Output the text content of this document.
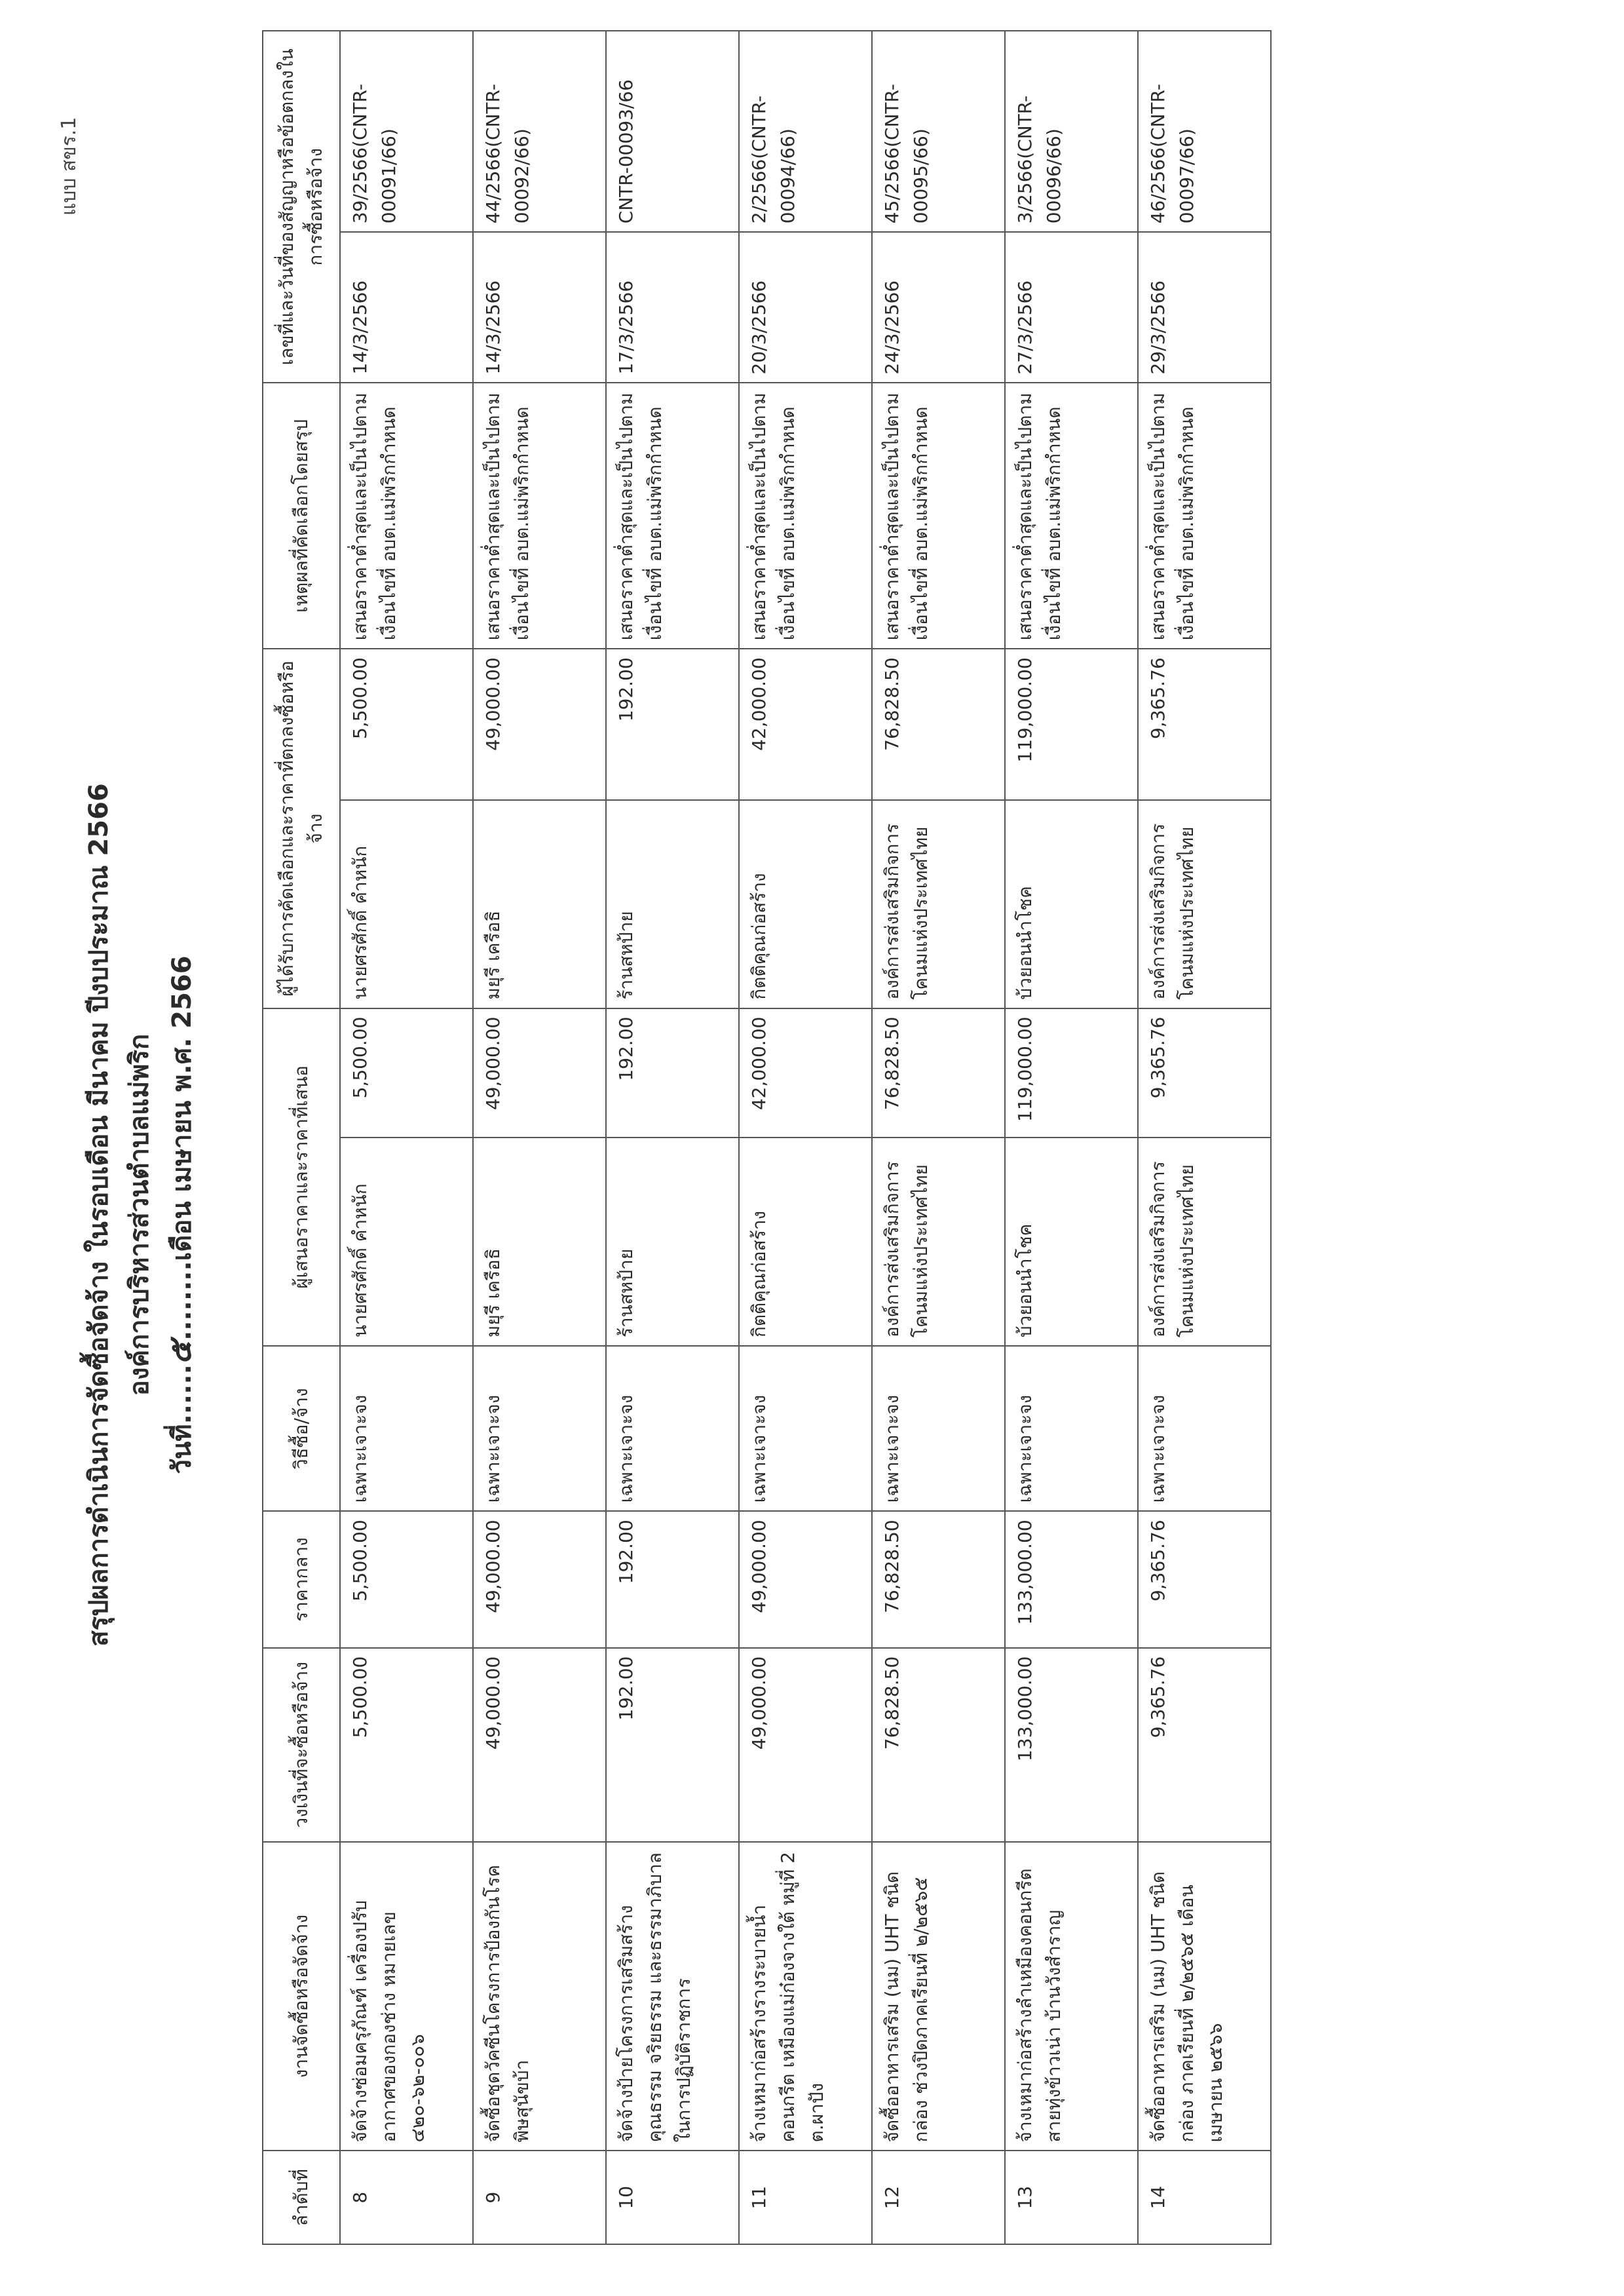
แบบ สขร.1
สรุปผลการดำเนินการจัดซื้อจัดจ้าง ในรอบเดือน มีนาคม ปีงบประมาณ 2566 องค์การบริหารส่วนตำบลแม่พริก
วันที่......๕........เดือน เมษายน พ.ศ. 2566
ลำดับที่	งานจัดซื้อหรือจัดจ้าง	วงเงินที่จะซื้อหรือจ้าง	ราคากลาง	วิธีซื้อ/จ้าง	ผู้เสนอราคาและราคาที่เสนอ		ผู้ได้รับการคัดเลือกและราคาที่ตกลงซื้อหรือจ้าง		เหตุผลที่คัดเลือกโดยสรุป	เลขที่และวันที่ของสัญญาหรือข้อตกลงในการซื้อหรือจ้าง	
8	จัดจ้างซ่อมครุภัณฑ์ เครื่องปรับอากาศของกองช่าง หมายเลข ๔๒๐-๖๒-๐๐๖	5,500.00	5,500.00	เฉพาะเจาะจง	นายศรศักดิ์ คำหนัก	5,500.00	นายศรศักดิ์ คำหนัก	5,500.00	เสนอราคาต่ำสุดและเป็นไปตามเงื่อนไขที่ อบต.แม่พริกกำหนด	14/3/2566	39/2566(CNTR-00091/66)
9	จัดซื้อชุดวัคซีนโครงการป้องกันโรคพิษสุนัขบ้า	49,000.00	49,000.00	เฉพาะเจาะจง	มยุรี เครือธิ	49,000.00	มยุรี เครือธิ	49,000.00	เสนอราคาต่ำสุดและเป็นไปตามเงื่อนไขที่ อบต.แม่พริกกำหนด	14/3/2566	44/2566(CNTR-00092/66)
10	จัดจ้างป้ายโครงการเสริมสร้างคุณธรรม จริยธรรม และธรรมาภิบาลในการปฏิบัติราชการ	192.00	192.00	เฉพาะเจาะจง	ร้านสหป้าย	192.00	ร้านสหป้าย	192.00	เสนอราคาต่ำสุดและเป็นไปตามเงื่อนไขที่ อบต.แม่พริกกำหนด	17/3/2566	CNTR-00093/66
11	จ้างเหมาก่อสร้างรางระบายน้ำคอนกรีต เหมืองแม่ก๋องจางใต้ หมู่ที่ 2 ต.ผาปัง	49,000.00	49,000.00	เฉพาะเจาะจง	กิตติคุณก่อสร้าง	42,000.00	กิตติคุณก่อสร้าง	42,000.00	เสนอราคาต่ำสุดและเป็นไปตามเงื่อนไขที่ อบต.แม่พริกกำหนด	20/3/2566	2/2566(CNTR-00094/66)
12	จัดซื้ออาหารเสริม (นม) UHT ชนิดกล่อง ช่วงปิดภาคเรียนที่ ๒/๒๕๖๕	76,828.50	76,828.50	เฉพาะเจาะจง	องค์การส่งเสริมกิจการโคนมแห่งประเทศไทย	76,828.50	องค์การส่งเสริมกิจการโคนมแห่งประเทศไทย	76,828.50	เสนอราคาต่ำสุดและเป็นไปตามเงื่อนไขที่ อบต.แม่พริกกำหนด	24/3/2566	45/2566(CNTR-00095/66)
13	จ้างเหมาก่อสร้างลำเหมืองคอนกรีตสายทุ่งข้าวเน่า บ้านวังสำราญ	133,000.00	133,000.00	เฉพาะเจาะจง	บ้วยอนนำโชค	119,000.00	บ้วยอนนำโชค	119,000.00	เสนอราคาต่ำสุดและเป็นไปตามเงื่อนไขที่ อบต.แม่พริกกำหนด	27/3/2566	3/2566(CNTR-00096/66)
14	จัดซื้ออาหารเสริม (นม) UHT ชนิดกล่อง ภาคเรียนที่ ๒/๒๕๖๕ เดือน เมษายน ๒๕๖๖	9,365.76	9,365.76	เฉพาะเจาะจง	องค์การส่งเสริมกิจการโคนมแห่งประเทศไทย	9,365.76	องค์การส่งเสริมกิจการโคนมแห่งประเทศไทย	9,365.76	เสนอราคาต่ำสุดและเป็นไปตามเงื่อนไขที่ อบต.แม่พริกกำหนด	29/3/2566	46/2566(CNTR-00097/66)
